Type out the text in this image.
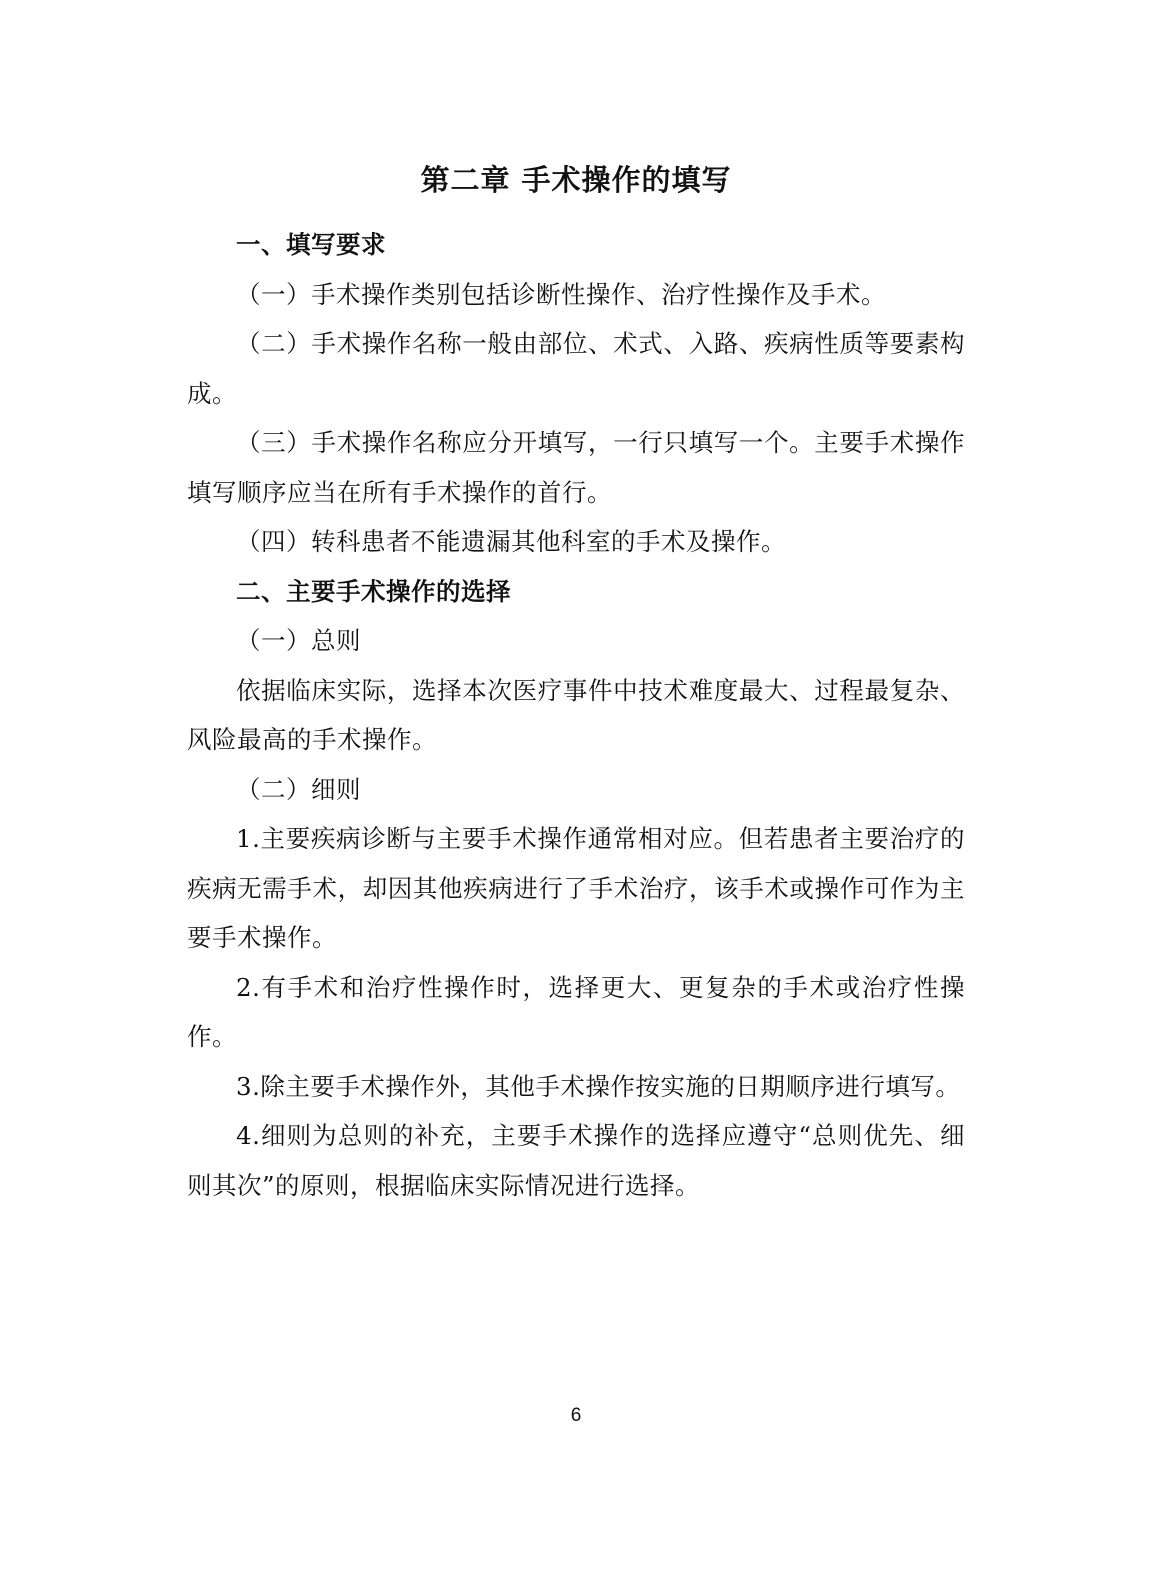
第二章 手术操作的填写

一、填写要求

（一）手术操作类别包括诊断性操作、治疗性操作及手术。

（二）手术操作名称一般由部位、术式、入路、疾病性质等要素构成。

（三）手术操作名称应分开填写，一行只填写一个。主要手术操作填写顺序应当在所有手术操作的首行。

（四）转科患者不能遗漏其他科室的手术及操作。

二、主要手术操作的选择

（一）总则

依据临床实际，选择本次医疗事件中技术难度最大、过程最复杂、风险最高的手术操作。

（二）细则

1.主要疾病诊断与主要手术操作通常相对应。但若患者主要治疗的疾病无需手术，却因其他疾病进行了手术治疗，该手术或操作可作为主要手术操作。

2.有手术和治疗性操作时，选择更大、更复杂的手术或治疗性操作。

3.除主要手术操作外，其他手术操作按实施的日期顺序进行填写。

4.细则为总则的补充，主要手术操作的选择应遵守“总则优先、细则其次”的原则，根据临床实际情况进行选择。

6
